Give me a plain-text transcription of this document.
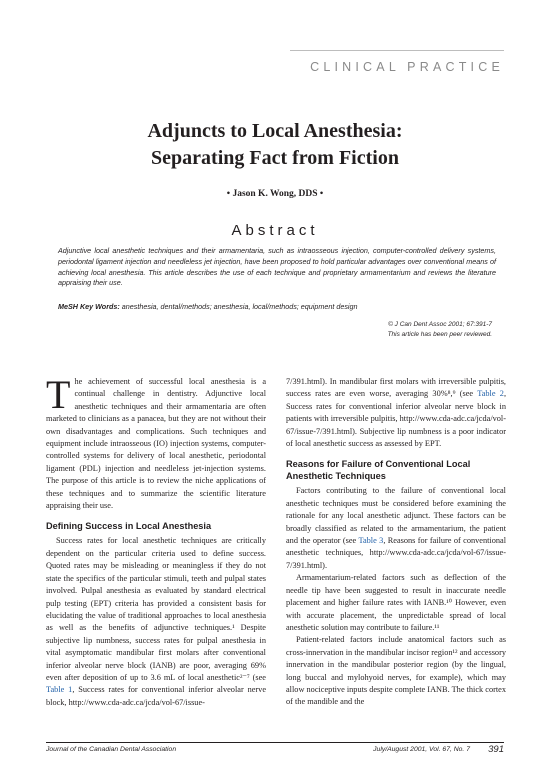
CLINICAL PRACTICE
Adjuncts to Local Anesthesia:
Separating Fact from Fiction
• Jason K. Wong, DDS •
Abstract
Adjunctive local anesthetic techniques and their armamentaria, such as intraosseous injection, computer-controlled delivery systems, periodontal ligament injection and needleless jet injection, have been proposed to hold particular advantages over conventional means of achieving local anesthesia. This article describes the use of each technique and proprietary armamentarium and reviews the literature appraising their use.
MeSH Key Words: anesthesia, dental/methods; anesthesia, local/methods; equipment design
© J Can Dent Assoc 2001; 67:391-7
This article has been peer reviewed.

The achievement of successful local anesthesia is a continual challenge in dentistry. Adjunctive local anesthetic techniques and their armamentaria are often marketed to clinicians as a panacea, but they are not without their own disadvantages and complications. Such techniques and equipment include intraosseous (IO) injection systems, computer-controlled systems for delivery of local anesthetic, periodontal ligament (PDL) injection and needleless jet-injection systems. The purpose of this article is to review the niche applications of these techniques and to summarize the scientific literature appraising their use.

Defining Success in Local Anesthesia

Success rates for local anesthetic techniques are critically dependent on the particular criteria used to define success. Quoted rates may be misleading or meaningless if they do not state the specifics of the particular stimuli, teeth and pulpal states involved. Pulpal anesthesia as evaluated by standard electrical pulp testing (EPT) criteria has provided a consistent basis for elucidating the value of traditional approaches to local anesthesia as well as the benefits of adjunctive techniques.¹ Despite subjective lip numbness, success rates for pulpal anesthesia in vital asymptomatic mandibular first molars after conventional inferior alveolar nerve block (IANB) are poor, averaging 69% even after deposition of up to 3.6 mL of local anesthetic²⁻⁷ (see Table 1, Success rates for conventional inferior alveolar nerve block, http://www.cda-adc.ca/jcda/vol-67/issue-

7/391.html). In mandibular first molars with irreversible pulpitis, success rates are even worse, averaging 30%⁸,⁹ (see Table 2, Success rates for conventional inferior alveolar nerve block in patients with irreversible pulpitis, http://www.cda-adc.ca/jcda/vol-67/issue-7/391.html). Subjective lip numbness is a poor indicator of local anesthetic success as assessed by EPT.

Reasons for Failure of Conventional Local Anesthetic Techniques

Factors contributing to the failure of conventional local anesthetic techniques must be considered before examining the rationale for any local anesthetic adjunct. These factors can be broadly classified as related to the armamentarium, the patient and the operator (see Table 3, Reasons for failure of conventional anesthetic techniques, http://www.cda-adc.ca/jcda/vol-67/issue-7/391.html).

Armamentarium-related factors such as deflection of the needle tip have been suggested to result in inaccurate needle placement and higher failure rates with IANB.¹⁰ However, even with accurate placement, the unpredictable spread of local anesthetic solution may contribute to failure.¹¹

Patient-related factors include anatomical factors such as cross-innervation in the mandibular incisor region¹² and accessory innervation in the mandibular posterior region (by the lingual, long buccal and mylohyoid nerves, for example), which may allow nociceptive inputs despite complete IANB. The thick cortex of the mandible and the

Journal of the Canadian Dental Association	July/August 2001, Vol. 67, No. 7 391
